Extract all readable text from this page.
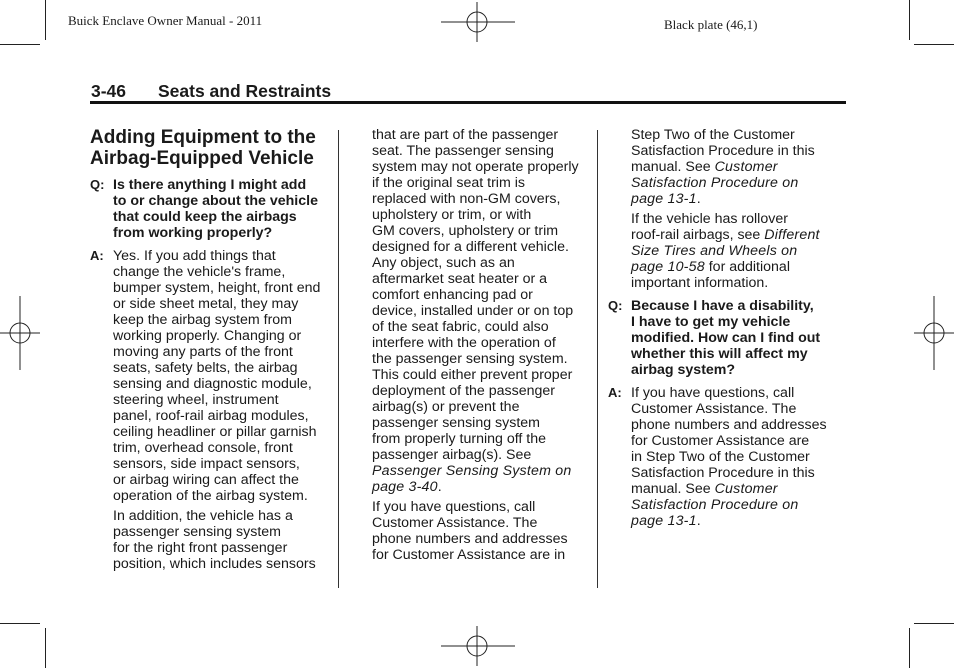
Buick Enclave Owner Manual - 2011	Black plate (46,1)
3-46 Seats and Restraints
Adding Equipment to the
Airbag-Equipped Vehicle
Q: Is there anything I might add
to or change about the vehicle
that could keep the airbags
from working properly?
A: Yes. If you add things that
change the vehicle's frame,
bumper system, height, front end
or side sheet metal, they may
keep the airbag system from
working properly. Changing or
moving any parts of the front
seats, safety belts, the airbag
sensing and diagnostic module,
steering wheel, instrument
panel, roof-rail airbag modules,
ceiling headliner or pillar garnish
trim, overhead console, front
sensors, side impact sensors,
or airbag wiring can affect the
operation of the airbag system.
In addition, the vehicle has a
passenger sensing system
for the right front passenger
position, which includes sensors
that are part of the passenger
seat. The passenger sensing
system may not operate properly
if the original seat trim is
replaced with non-GM covers,
upholstery or trim, or with
GM covers, upholstery or trim
designed for a different vehicle.
Any object, such as an
aftermarket seat heater or a
comfort enhancing pad or
device, installed under or on top
of the seat fabric, could also
interfere with the operation of
the passenger sensing system.
This could either prevent proper
deployment of the passenger
airbag(s) or prevent the
passenger sensing system
from properly turning off the
passenger airbag(s). See
Passenger Sensing System on
page 3-40.
If you have questions, call
Customer Assistance. The
phone numbers and addresses
for Customer Assistance are in
Step Two of the Customer
Satisfaction Procedure in this
manual. See Customer
Satisfaction Procedure on
page 13-1.
If the vehicle has rollover
roof-rail airbags, see Different
Size Tires and Wheels on
page 10-58 for additional
important information.
Q: Because I have a disability,
I have to get my vehicle
modified. How can I find out
whether this will affect my
airbag system?
A: If you have questions, call
Customer Assistance. The
phone numbers and addresses
for Customer Assistance are
in Step Two of the Customer
Satisfaction Procedure in this
manual. See Customer
Satisfaction Procedure on
page 13-1.
